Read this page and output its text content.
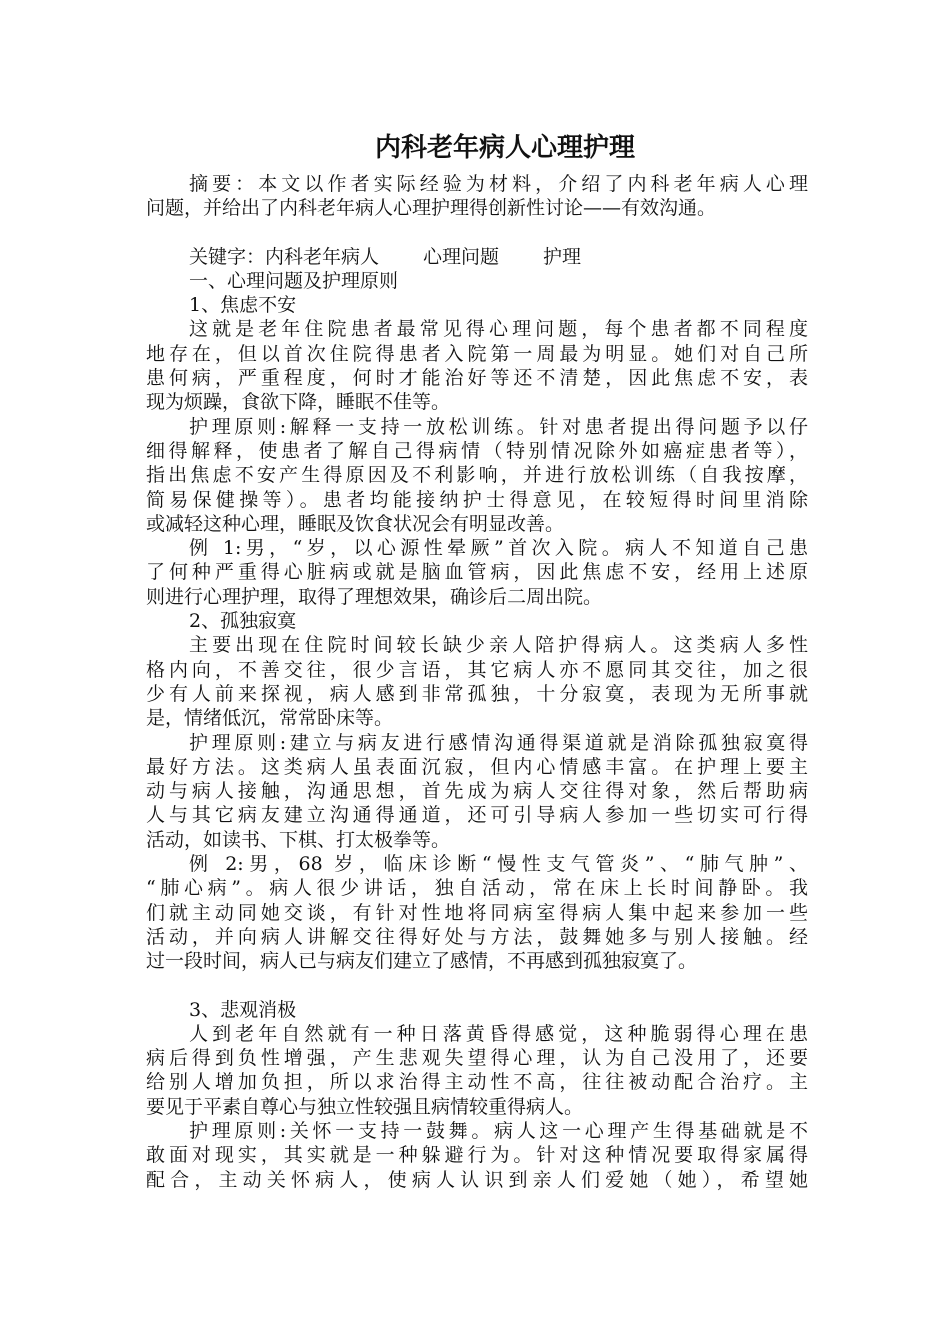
内科老年病人心理护理
摘要：本文以作者实际经验为材料，介绍了内科老年病人心理
问题，并给出了内科老年病人心理护理得创新性讨论——有效沟通。
关键字：内科老年病人 心理问题 护理
一、心理问题及护理原则
1、焦虑不安
这就是老年住院患者最常见得心理问题，每个患者都不同程度
地存在，但以首次住院得患者入院第一周最为明显。她们对自己所
患何病，严重程度，何时才能治好等还不清楚，因此焦虑不安，表
现为烦躁，食欲下降，睡眠不佳等。
护理原则:解释一支持一放松训练。针对患者提出得问题予以仔
细得解释，使患者了解自己得病情（特别情况除外如癌症患者等），
指出焦虑不安产生得原因及不利影响，并进行放松训练（自我按摩，
简易保健操等）。患者均能接纳护士得意见，在较短得时间里消除
或减轻这种心理，睡眠及饮食状况会有明显改善。
例 1:男，“岁，以心源性晕厥”首次入院。病人不知道自己患
了何种严重得心脏病或就是脑血管病，因此焦虑不安，经用上述原
则进行心理护理，取得了理想效果，确诊后二周出院。
2、孤独寂寞
主要出现在住院时间较长缺少亲人陪护得病人。这类病人多性
格内向，不善交往，很少言语，其它病人亦不愿同其交往，加之很
少有人前来探视，病人感到非常孤独，十分寂寞，表现为无所事就
是，情绪低沉，常常卧床等。
护理原则:建立与病友进行感情沟通得渠道就是消除孤独寂寞得
最好方法。这类病人虽表面沉寂，但内心情感丰富。在护理上要主
动与病人接触，沟通思想，首先成为病人交往得对象，然后帮助病
人与其它病友建立沟通得通道，还可引导病人参加一些切实可行得
活动，如读书、下棋、打太极拳等。
例 2:男，68 岁，临床诊断“慢性支气管炎”、“肺气肿”、
“肺心病”。病人很少讲话，独自活动，常在床上长时间静卧。我
们就主动同她交谈，有针对性地将同病室得病人集中起来参加一些
活动，并向病人讲解交往得好处与方法，鼓舞她多与别人接触。经
过一段时间，病人已与病友们建立了感情，不再感到孤独寂寞了。
3、悲观消极
人到老年自然就有一种日落黄昏得感觉，这种脆弱得心理在患
病后得到负性增强，产生悲观失望得心理，认为自己没用了，还要
给别人增加负担，所以求治得主动性不高，往往被动配合治疗。主
要见于平素自尊心与独立性较强且病情较重得病人。
护理原则:关怀一支持一鼓舞。病人这一心理产生得基础就是不
敢面对现实，其实就是一种躲避行为。针对这种情况要取得家属得
配合，主动关怀病人，使病人认识到亲人们爱她（她），希望她
